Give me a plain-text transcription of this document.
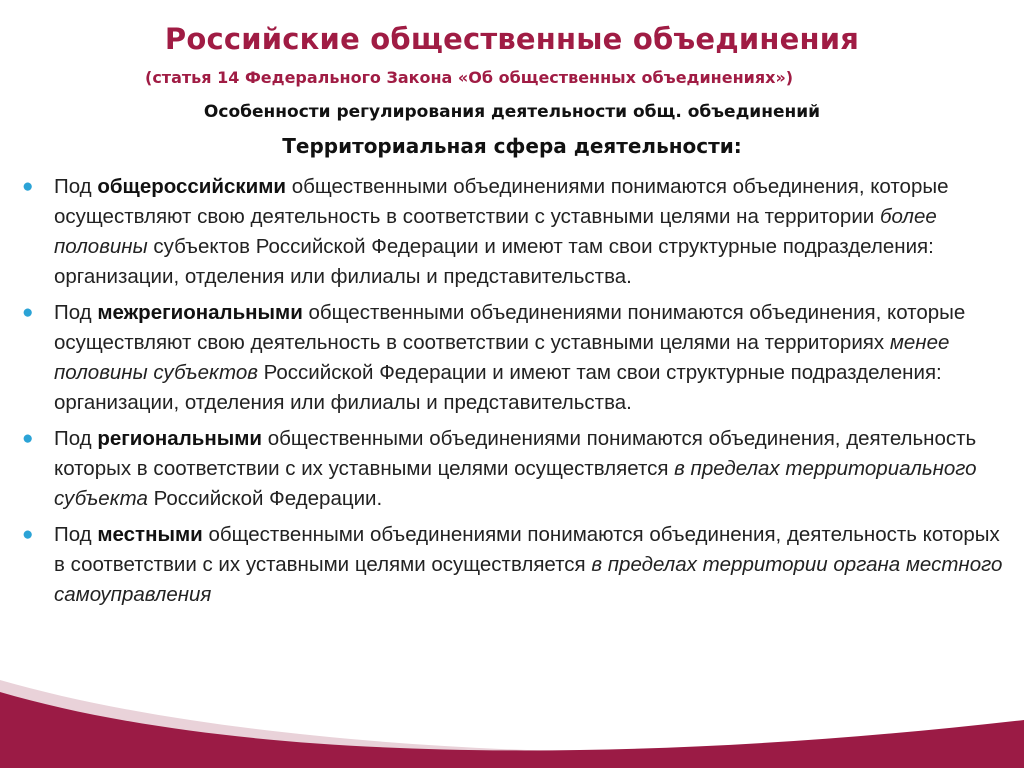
Российские общественные объединения
(статья 14 Федерального Закона «Об общественных объединениях»)
Особенности регулирования деятельности общ. объединений
Территориальная сфера деятельности:
● Под общероссийскими общественными объединениями понимаются объединения, которые осуществляют свою деятельность в соответствии с уставными целями на территории более половины субъектов Российской Федерации и имеют там свои структурные подразделения: организации, отделения или филиалы и представительства.
● Под межрегиональными общественными объединениями понимаются объединения, которые осуществляют свою деятельность в соответствии с уставными целями на территориях менее половины субъектов Российской Федерации и имеют там свои структурные подразделения: организации, отделения или филиалы и представительства.
● Под региональными общественными объединениями понимаются объединения, деятельность которых в соответствии с их уставными целями осуществляется в пределах территориального субъекта Российской Федерации.
● Под местными общественными объединениями понимаются объединения, деятельность которых в соответствии с их уставными целями осуществляется в пределах территории органа местного самоуправления
